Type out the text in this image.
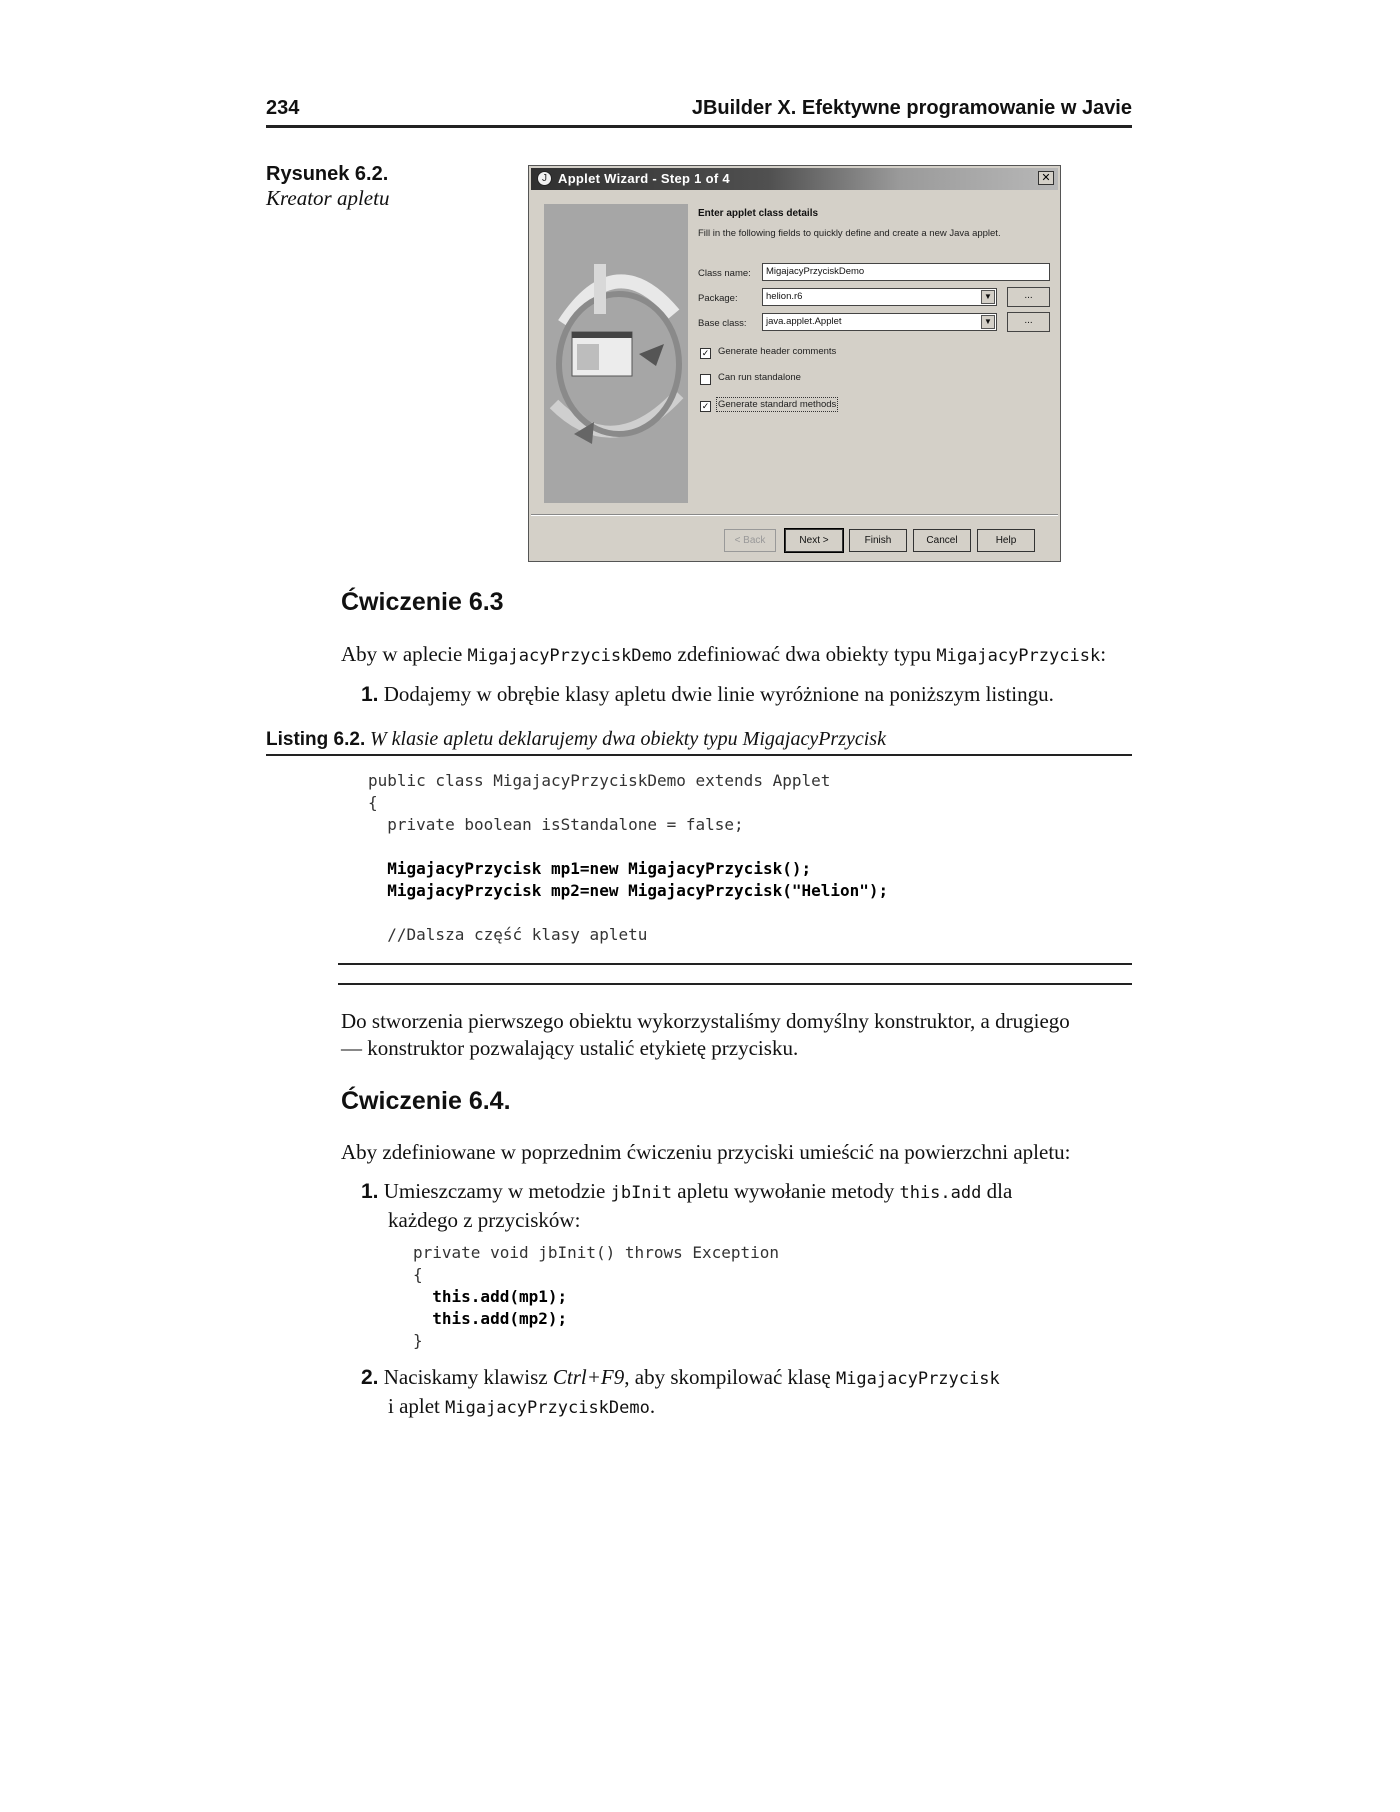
234	JBuilder X. Efektywne programowanie w Javie
Rysunek 6.2.
Kreator apletu
J Applet Wizard - Step 1 of 4	✕
Enter applet class details
Fill in the following fields to quickly define and create a new Java applet.
Class name:	MigajacyPrzyciskDemo
Package:	helion.r6	▼	...
Base class:	java.applet.Applet	▼	...
✓ Generate header comments
Can run standalone
✓ Generate standard methods
< Back	Next >	Finish	Cancel	Help
Ćwiczenie 6.3
Aby w aplecie MigajacyPrzyciskDemo zdefiniować dwa obiekty typu MigajacyPrzycisk:
1. Dodajemy w obrębie klasy apletu dwie linie wyróżnione na poniższym listingu.
Listing 6.2. W klasie apletu deklarujemy dwa obiekty typu MigajacyPrzycisk
public class MigajacyPrzyciskDemo extends Applet
{
private boolean isStandalone = false;
MigajacyPrzycisk mp1=new MigajacyPrzycisk();
MigajacyPrzycisk mp2=new MigajacyPrzycisk("Helion");
//Dalsza część klasy apletu
Do stworzenia pierwszego obiektu wykorzystaliśmy domyślny konstruktor, a drugiego
— konstruktor pozwalający ustalić etykietę przycisku.
Ćwiczenie 6.4.
Aby zdefiniowane w poprzednim ćwiczeniu przyciski umieścić na powierzchni apletu:
1. Umieszczamy w metodzie jbInit apletu wywołanie metody this.add dla
każdego z przycisków:
private void jbInit() throws Exception
{
this.add(mp1);
this.add(mp2);
}
2. Naciskamy klawisz Ctrl+F9, aby skompilować klasę MigajacyPrzycisk
i aplet MigajacyPrzyciskDemo.
